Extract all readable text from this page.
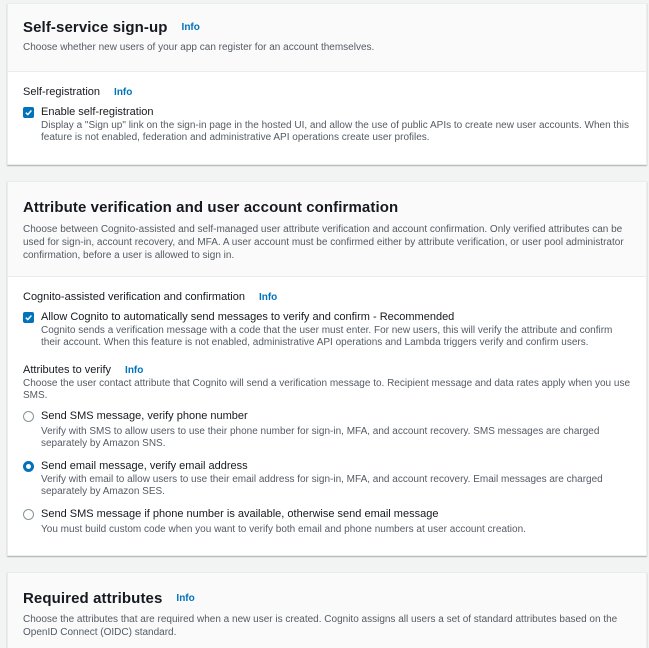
Self-service sign-up Info
Choose whether new users of your app can register for an account themselves.
Self-registration Info
Enable self-registration
Display a "Sign up" link on the sign-in page in the hosted UI, and allow the use of public APIs to create new user accounts. When this feature is not enabled, federation and administrative API operations create user profiles.
Attribute verification and user account confirmation
Choose between Cognito-assisted and self-managed user attribute verification and account confirmation. Only verified attributes can be used for sign-in, account recovery, and MFA. A user account must be confirmed either by attribute verification, or user pool administrator confirmation, before a user is allowed to sign in.
Cognito-assisted verification and confirmation Info
Allow Cognito to automatically send messages to verify and confirm - Recommended
Cognito sends a verification message with a code that the user must enter. For new users, this will verify the attribute and confirm their account. When this feature is not enabled, administrative API operations and Lambda triggers verify and confirm users.
Attributes to verify Info
Choose the user contact attribute that Cognito will send a verification message to. Recipient message and data rates apply when you use SMS.
Send SMS message, verify phone number
Verify with SMS to allow users to use their phone number for sign-in, MFA, and account recovery. SMS messages are charged separately by Amazon SNS.
Send email message, verify email address
Verify with email to allow users to use their email address for sign-in, MFA, and account recovery. Email messages are charged separately by Amazon SES.
Send SMS message if phone number is available, otherwise send email message
You must build custom code when you want to verify both email and phone numbers at user account creation.
Required attributes Info
Choose the attributes that are required when a new user is created. Cognito assigns all users a set of standard attributes based on the OpenID Connect (OIDC) standard.
